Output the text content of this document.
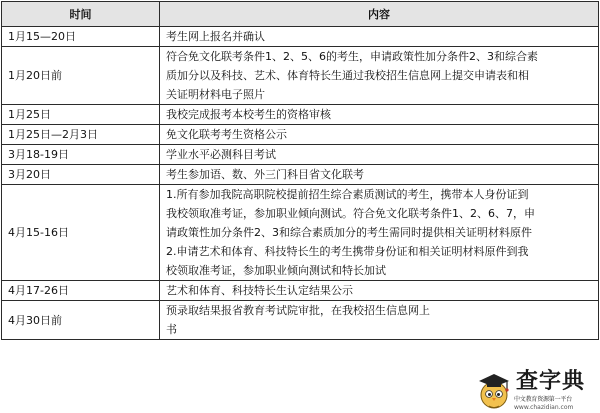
时间	内容
1月15—20日	考生网上报名并确认

1月20日前	符合免文化联考条件1、2、5、6的考生，申请政策性加分条件2、3和综合素
质加分以及科技、艺术、体育特长生通过我校招生信息网上提交申请表和相
关证明材料电子照片

1月25日	我校完成报考本校考生的资格审核

1月25日—2月3日	免文化联考考生资格公示

3月18-19日	学业水平必测科目考试

3月20日	考生参加语、数、外三门科目省文化联考

4月15-16日	1.所有参加我院高职院校提前招生综合素质测试的考生，携带本人身份证到
我校领取准考证，参加职业倾向测试。符合免文化联考条件1、2、6、7，申
请政策性加分条件2、3和综合素质加分的考生需同时提供相关证明材料原件
2.申请艺术和体育、科技特长生的考生携带身份证和相关证明材料原件到我
校领取准考证，参加职业倾向测试和特长加试

4月17-26日	艺术和体育、科技特长生认定结果公示

4月30日前	预录取结果报省教育考试院审批，在我校招生信息网上
书
查字典
中文教育资源第一平台
www.chazidian.com
